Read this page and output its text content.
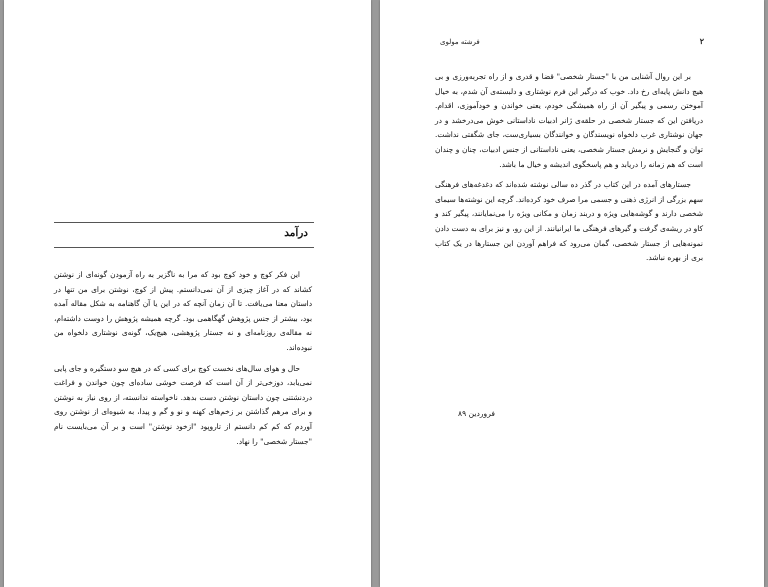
درآمد

این فکر کوچ و خود کوچ بود که مرا به ناگزیر به راه آزمودن گونه‌ای از نوشتن کشاند که در آغاز چیزی از آن نمی‌دانستم. پیش از کوچ، نوشتن برای من تنها در داستان معنا می‌یافت. تا آن زمان آنچه که در این یا آن گاهنامه به شکل مقاله آمده بود، بیشتر از جنس پژوهش گهگاهمی بود. گرچه همیشه پژوهش را دوست داشته‌ام، نه مقاله‌ی روزنامه‌ای و نه جستار پژوهشی، هیچ‌یک، گونه‌ی نوشتاری دلخواه من نبوده‌اند.

حال و هوای سال‌های نخست کوچ برای کسی که در هیچ سو دستگیره و جای پایی نمی‌یابد، دوزخی‌تر از آن است که فرصت خوشی ساده‌ای چون خواندن و فراغت دردنشتنی چون داستان نوشتن دست بدهد. ناخواسته ندانسته، از روی نیاز به نوشتن و برای مرهم گذاشتن بر زخم‌های کهنه و نو و گم و پیدا، به شیوه‌ای از نوشتن روی آوردم که کم کم دانستم از تاروپود "ازخود نوشتن" است و بر آن می‌بایست نام "جستار شخصی" را نهاد.

فرشته مولوی	۲

بر این روال آشنایی من با "جستار شخصی" قضا و قدری و از راه تجربه‌ورزی و بی هیچ دانش پایه‌ای رخ داد. خوب که درگیر این فرم نوشتاری و دلبسته‌ی آن شدم، به خیال آموختن رسمی و پیگیر آن از راه همیشگی خودم، یعنی خواندن و خودآموزی، اقدام. دریافتن این که جستار شخصی در حلقه‌ی ژانر ادبیات ناداستانی خوش می‌درخشد و در جهان نوشتاری غرب دلخواه نویسندگان و خوانندگان بسیاری‌ست، جای شگفتی نداشت. توان و گنجایش و نرمش جستار شخصی، یعنی ناداستانی از جنس ادبیات، چنان و چندان است که هم زمانه را دریابد و هم پاسخگوی اندیشه و خیال ما باشد.

جستارهای آمده در این کتاب در گذر ده سالی نوشته شده‌اند که دغدغه‌های فرهنگی سهم بزرگی از انرژی ذهنی و جسمی مرا صرف خود کرده‌اند. گرچه این نوشته‌ها سیمای شخصی دارند و گوشه‌هایی ویژه و دربند زمان و مکانی ویژه را می‌نمایانند، پیگیر کند و کاو در ریشه‌ی گرفت و گیرهای فرهنگی ما ایرانیانند. از این رو، و نیز برای به دست دادن نمونه‌هایی از جستار شخصی، گمان می‌رود که فراهم آوردن این جستارها در یک کتاب بری از بهره نباشد.

فروردین ۸۹
